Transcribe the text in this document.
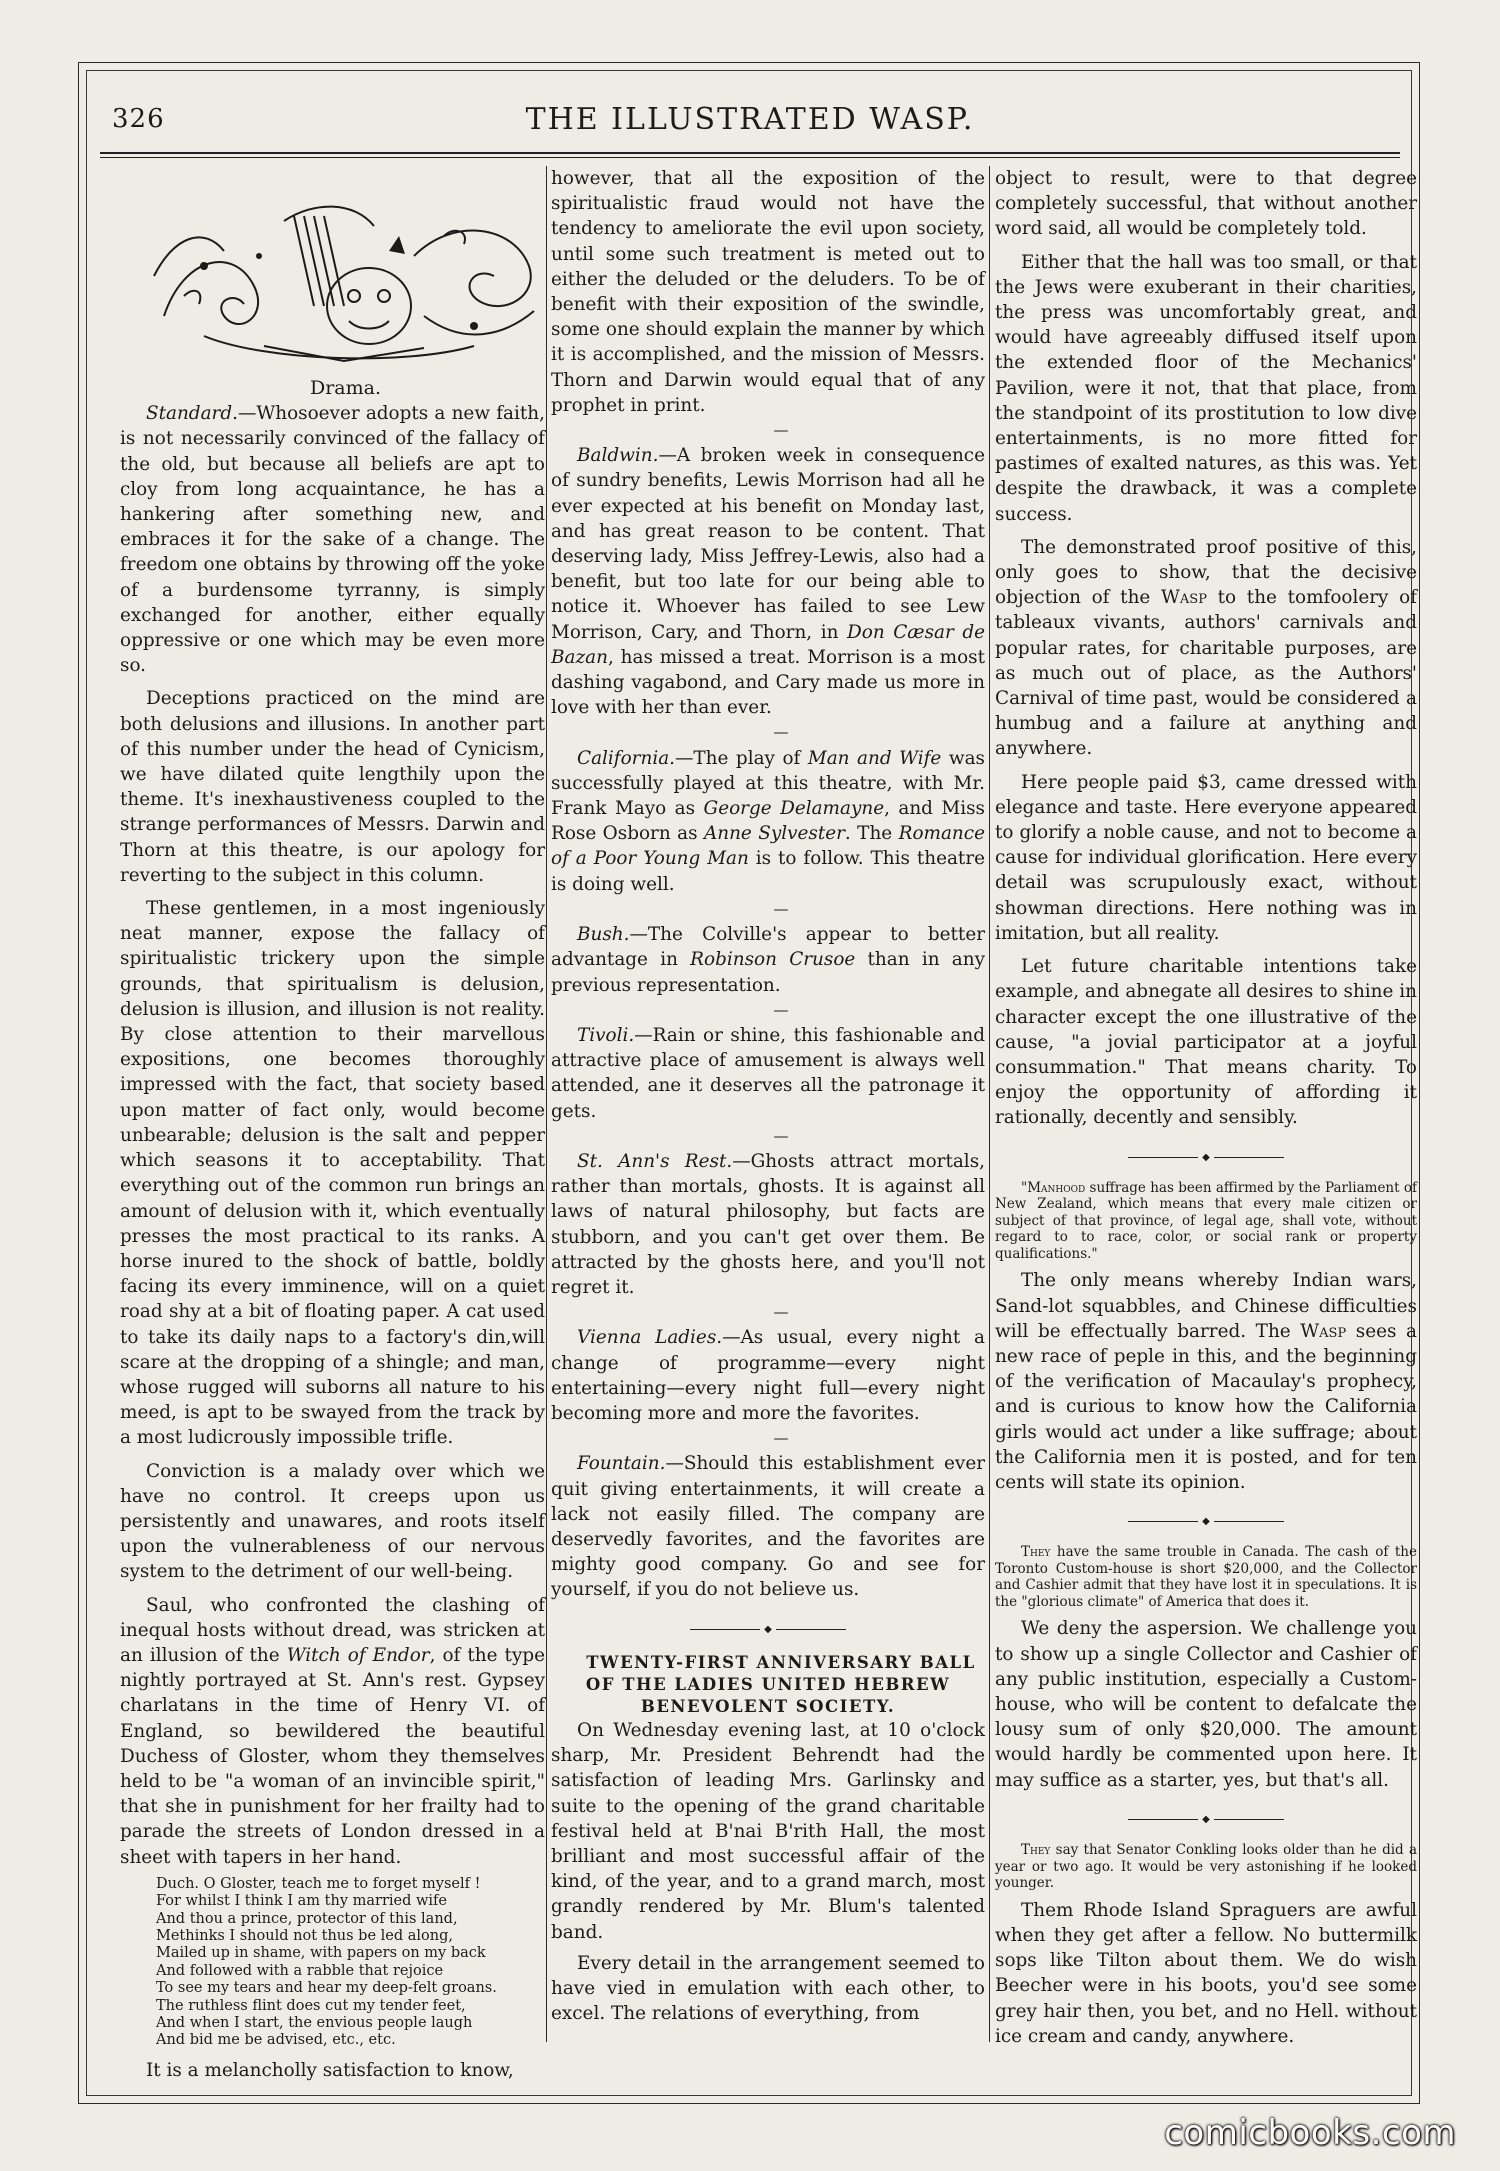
326	THE ILLUSTRATED WASP.

Drama.

Standard.—Whosoever adopts a new faith, is not necessarily convinced of the fallacy of the old, but because all beliefs are apt to cloy from long acquaintance, he has a hankering after something new, and embraces it for the sake of a change. The freedom one obtains by throwing off the yoke of a burdensome tyrranny, is simply exchanged for another, either equally oppressive or one which may be even more so.

Deceptions practiced on the mind are both delusions and illusions. In another part of this number under the head of Cynicism, we have dilated quite lengthily upon the theme. It's inexhaustiveness coupled to the strange performances of Messrs. Darwin and Thorn at this theatre, is our apology for reverting to the subject in this column.

These gentlemen, in a most ingeniously neat manner, expose the fallacy of spiritualistic trickery upon the simple grounds, that spiritualism is delusion, delusion is illusion, and illusion is not reality. By close attention to their marvellous expositions, one becomes thoroughly impressed with the fact, that society based upon matter of fact only, would become unbearable; delusion is the salt and pepper which seasons it to acceptability. That everything out of the common run brings an amount of delusion with it, which eventually presses the most practical to its ranks. A horse inured to the shock of battle, boldly facing its every imminence, will on a quiet road shy at a bit of floating paper. A cat used to take its daily naps to a factory's din,will scare at the dropping of a shingle; and man, whose rugged will suborns all nature to his meed, is apt to be swayed from the track by a most ludicrously impossible trifle.

Conviction is a malady over which we have no control. It creeps upon us persistently and unawares, and roots itself upon the vulnerableness of our nervous system to the detriment of our well-being.

Saul, who confronted the clashing of inequal hosts without dread, was stricken at an illusion of the Witch of Endor, of the type nightly portrayed at St. Ann's rest. Gypsey charlatans in the time of Henry VI. of England, so bewildered the beautiful Duchess of Gloster, whom they themselves held to be "a woman of an invincible spirit," that she in punishment for her frailty had to parade the streets of London dressed in a sheet with tapers in her hand.

Duch. O Gloster, teach me to forget myself !
For whilst I think I am thy married wife
And thou a prince, protector of this land,
Methinks I should not thus be led along,
Mailed up in shame, with papers on my back
And followed with a rabble that rejoice
To see my tears and hear my deep-felt groans.
The ruthless flint does cut my tender feet,
And when I start, the envious people laugh
And bid me be advised, etc., etc.

It is a melancholly satisfaction to know,

however, that all the exposition of the spiritualistic fraud would not have the tendency to ameliorate the evil upon society, until some such treatment is meted out to either the deluded or the deluders. To be of benefit with their exposition of the swindle, some one should explain the manner by which it is accomplished, and the mission of Messrs. Thorn and Darwin would equal that of any prophet in print.

—

Baldwin.—A broken week in consequence of sundry benefits, Lewis Morrison had all he ever expected at his benefit on Monday last, and has great reason to be content. That deserving lady, Miss Jeffrey-Lewis, also had a benefit, but too late for our being able to notice it. Whoever has failed to see Lew Morrison, Cary, and Thorn, in Don Cæsar de Bazan, has missed a treat. Morrison is a most dashing vagabond, and Cary made us more in love with her than ever.

—

California.—The play of Man and Wife was successfully played at this theatre, with Mr. Frank Mayo as George Delamayne, and Miss Rose Osborn as Anne Sylvester. The Romance of a Poor Young Man is to follow. This theatre is doing well.

—

Bush.—The Colville's appear to better advantage in Robinson Crusoe than in any previous representation.

—

Tivoli.—Rain or shine, this fashionable and attractive place of amusement is always well attended, ane it deserves all the patronage it gets.

—

St. Ann's Rest.—Ghosts attract mortals, rather than mortals, ghosts. It is against all laws of natural philosophy, but facts are stubborn, and you can't get over them. Be attracted by the ghosts here, and you'll not regret it.

—

Vienna Ladies.—As usual, every night a change of programme—every night entertaining—every night full—every night becoming more and more the favorites.

—

Fountain.—Should this establishment ever quit giving entertainments, it will create a lack not easily filled. The company are deservedly favorites, and the favorites are mighty good company. Go and see for yourself, if you do not believe us.

◆

TWENTY-FIRST ANNIVERSARY BALL OF THE LADIES UNITED HEBREW BENEVOLENT SOCIETY.

On Wednesday evening last, at 10 o'clock sharp, Mr. President Behrendt had the satisfaction of leading Mrs. Garlinsky and suite to the opening of the grand charitable festival held at B'nai B'rith Hall, the most brilliant and most successful affair of the kind, of the year, and to a grand march, most grandly rendered by Mr. Blum's talented band.

Every detail in the arrangement seemed to have vied in emulation with each other, to excel. The relations of everything, from

object to result, were to that degree completely successful, that without another word said, all would be completely told.

Either that the hall was too small, or that the Jews were exuberant in their charities, the press was uncomfortably great, and would have agreeably diffused itself upon the extended floor of the Mechanics' Pavilion, were it not, that that place, from the standpoint of its prostitution to low dive entertainments, is no more fitted for pastimes of exalted natures, as this was. Yet despite the drawback, it was a complete success.

The demonstrated proof positive of this, only goes to show, that the decisive objection of the Wasp to the tomfoolery of tableaux vivants, authors' carnivals and popular rates, for charitable purposes, are as much out of place, as the Authors' Carnival of time past, would be considered a humbug and a failure at anything and anywhere.

Here people paid $3, came dressed with elegance and taste. Here everyone appeared to glorify a noble cause, and not to become a cause for individual glorification. Here every detail was scrupulously exact, without showman directions. Here nothing was in imitation, but all reality.

Let future charitable intentions take example, and abnegate all desires to shine in character except the one illustrative of the cause, "a jovial participator at a joyful consummation." That means charity. To enjoy the opportunity of affording it rationally, decently and sensibly.

◆

"Manhood suffrage has been affirmed by the Parliament of New Zealand, which means that every male citizen or subject of that province, of legal age, shall vote, without regard to to race, color, or social rank or property qualifications."

The only means whereby Indian wars, Sand-lot squabbles, and Chinese difficulties will be effectually barred. The Wasp sees a new race of peple in this, and the beginning of the verification of Macaulay's prophecy, and is curious to know how the California girls would act under a like suffrage; about the California men it is posted, and for ten cents will state its opinion.

◆

They have the same trouble in Canada. The cash of the Toronto Custom-house is short $20,000, and the Collector and Cashier admit that they have lost it in speculations. It is the "glorious climate" of America that does it.

We deny the aspersion. We challenge you to show up a single Collector and Cashier of any public institution, especially a Custom-house, who will be content to defalcate the lousy sum of only $20,000. The amount would hardly be commented upon here. It may suffice as a starter, yes, but that's all.

◆

They say that Senator Conkling looks older than he did a year or two ago. It would be very astonishing if he looked younger.

Them Rhode Island Spraguers are awful when they get after a fellow. No buttermilk sops like Tilton about them. We do wish Beecher were in his boots, you'd see some grey hair then, you bet, and no Hell. without ice cream and candy, anywhere.

comicbooks.com
